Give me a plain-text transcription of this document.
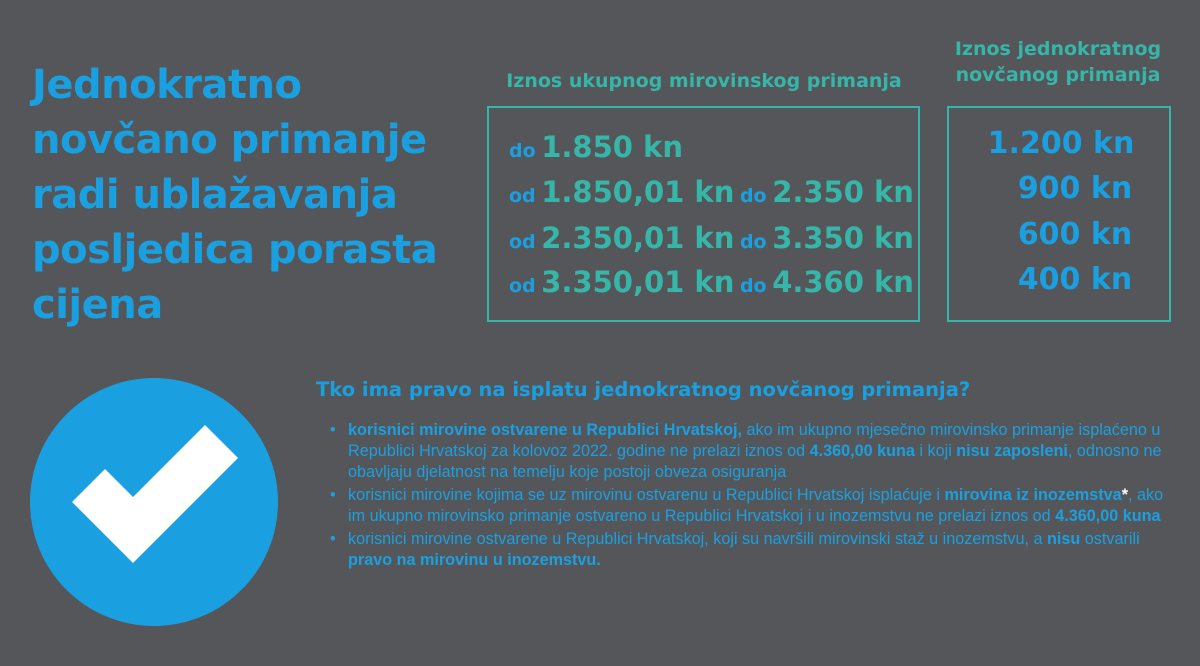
Jednokratno novčano primanje radi ublažavanja posljedica porasta cijena
Iznos ukupnog mirovinskog primanja
Iznos jednokratnog
novčanog primanja
do 1.850 kn
od 1.850,01 kn do 2.350 kn
od 2.350,01 kn do 3.350 kn
od 3.350,01 kn do 4.360 kn
1.200 kn
900 kn
600 kn
400 kn
Tko ima pravo na isplatu jednokratnog novčanog primanja?
• korisnici mirovine ostvarene u Republici Hrvatskoj, ako im ukupno mjesečno mirovinsko primanje isplaćeno u Republici Hrvatskoj za kolovoz 2022. godine ne prelazi iznos od 4.360,00 kuna i koji nisu zaposleni, odnosno ne obavljaju djelatnost na temelju koje postoji obveza osiguranja
• korisnici mirovine kojima se uz mirovinu ostvarenu u Republici Hrvatskoj isplaćuje i mirovina iz inozemstva*, ako im ukupno mirovinsko primanje ostvareno u Republici Hrvatskoj i u inozemstvu ne prelazi iznos od 4.360,00 kuna
• korisnici mirovine ostvarene u Republici Hrvatskoj, koji su navršili mirovinski staž u inozemstvu, a nisu ostvarili pravo na mirovinu u inozemstvu.
